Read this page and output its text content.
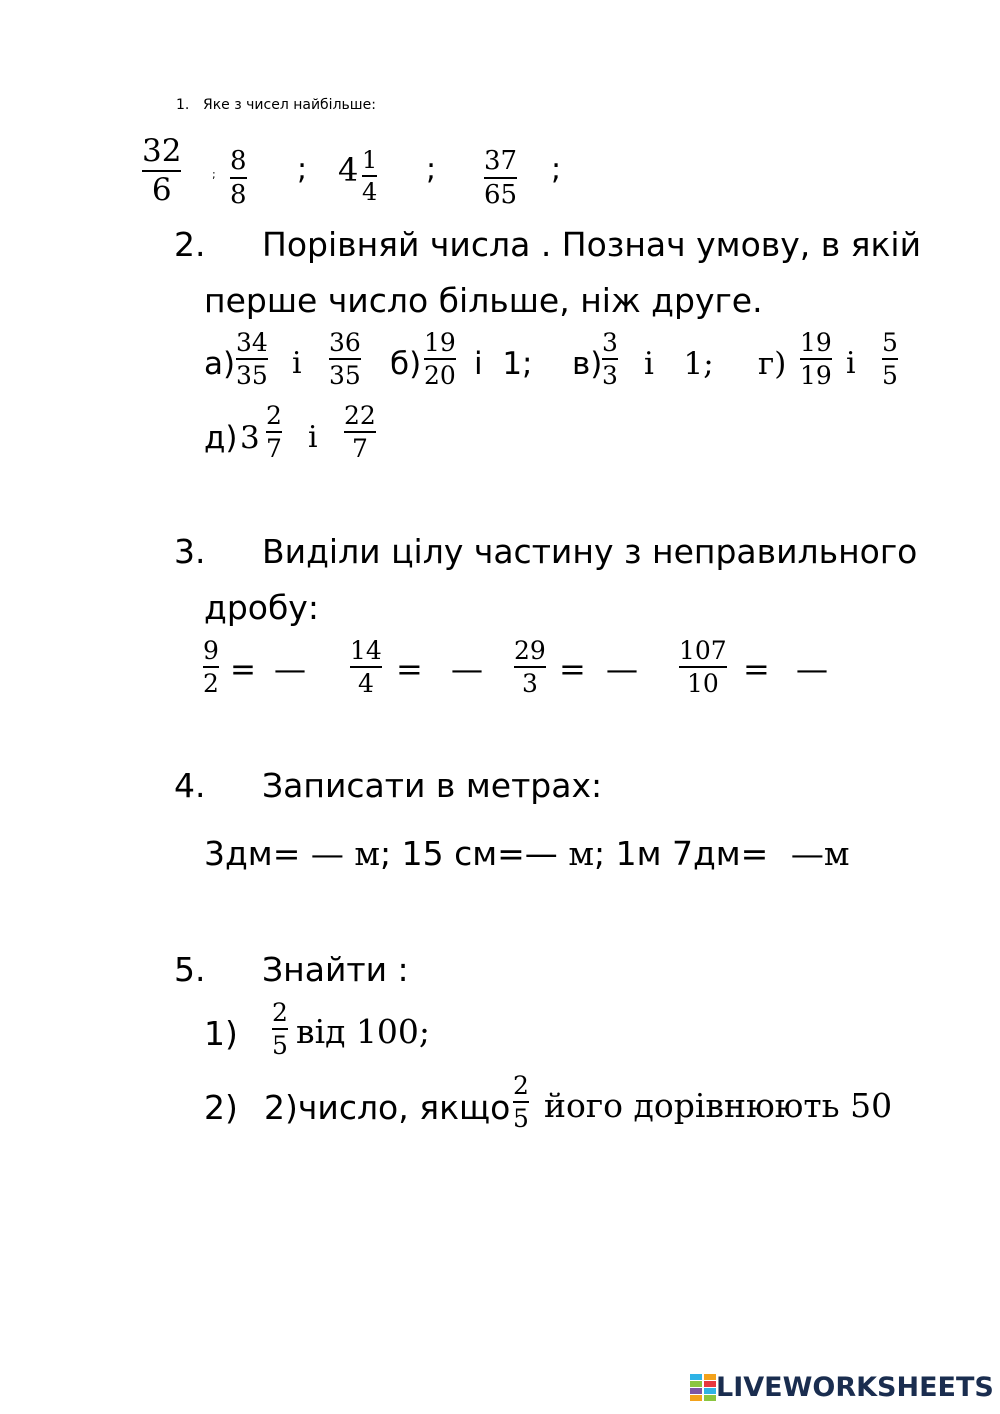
1. Яке з чисел найбільше:
32
6	; 8
8
; 4 1
4
; 37
65
;
2. Порівняй числа . Познач умову, в якій
перше число більше, ніж друге.
а)
34
35 і
36
35 б)
19
20 і  1; в)
3
3 і   1; г)
19
19 і
5
5
д) 3
2
7 і
22
7
3. Виділи цілу частину з неправильного
дробу:
9
2 = — 14
4 = — 29
3 = — 107
10 = —
4. Записати в метрах:
3дм= — м; 15 см=— м; 1м 7дм= —м
5. Знайти :
1)
2
5 від 100;
2) 2)число, якщо
2
5 його дорівнюють 50
LIVEWORKSHEETS
